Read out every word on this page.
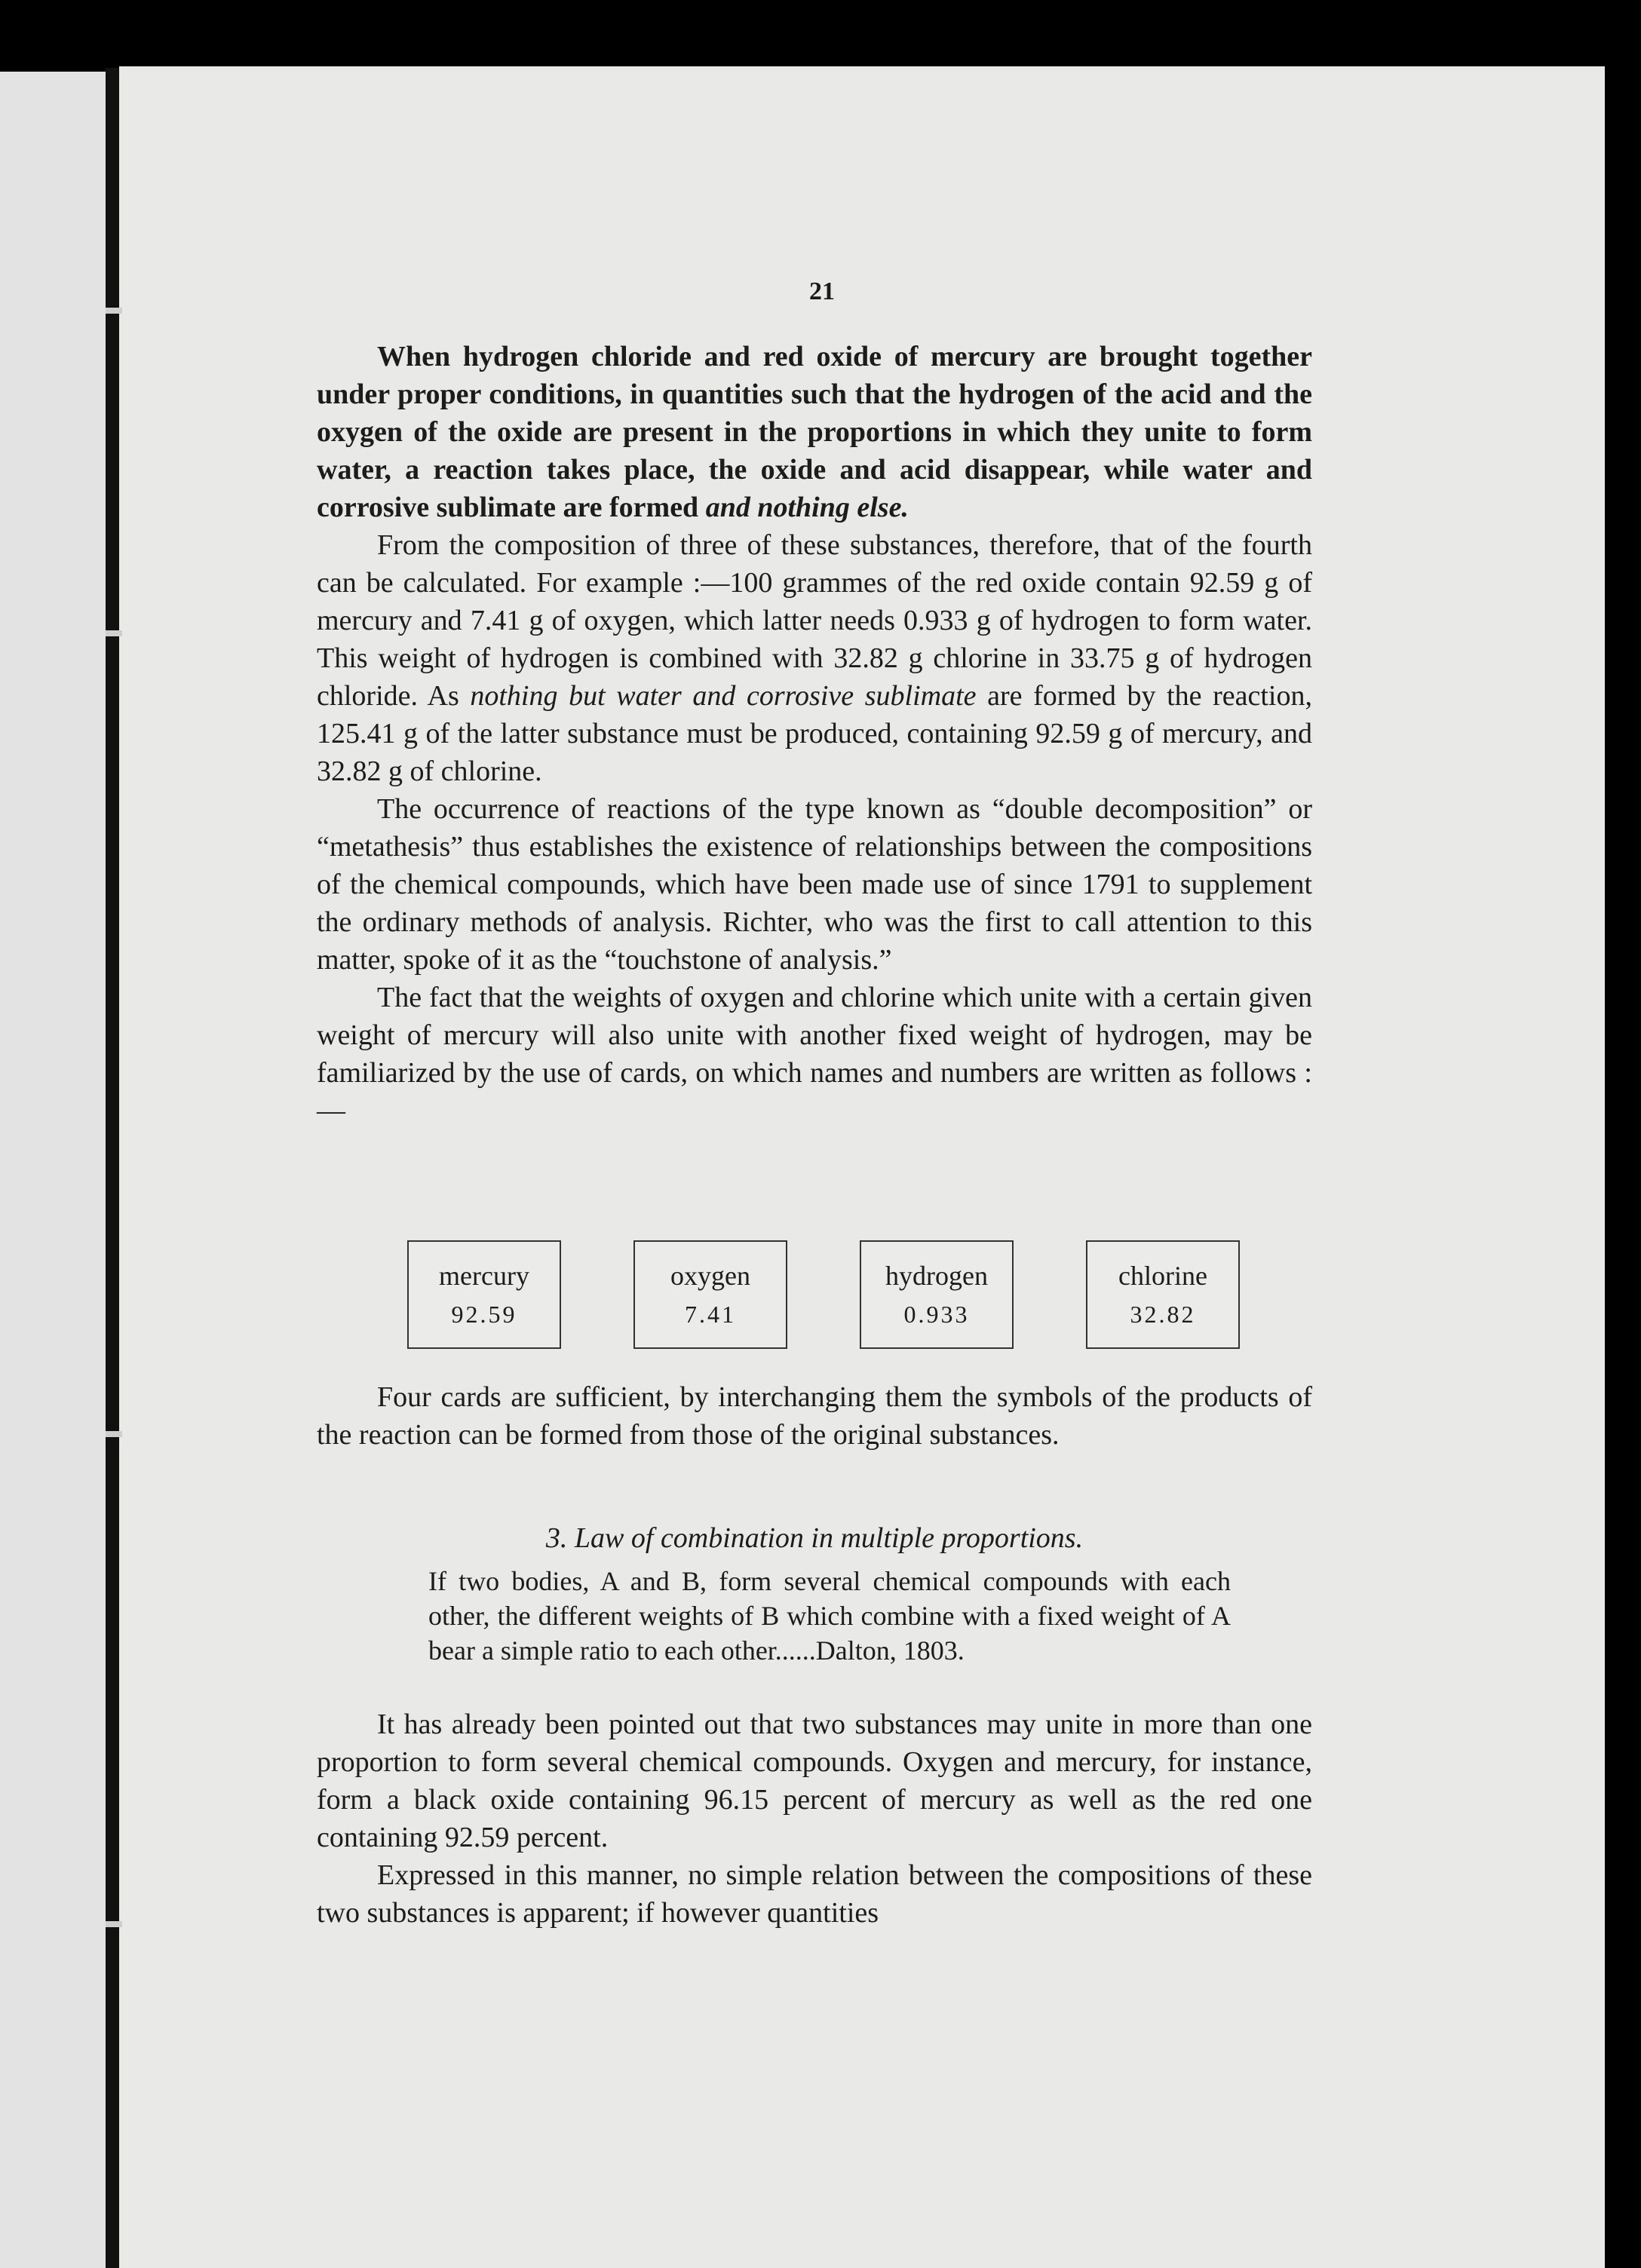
21

When hydrogen chloride and red oxide of mercury are brought together under proper conditions, in quantities such that the hydrogen of the acid and the oxygen of the oxide are present in the proportions in which they unite to form water, a reaction takes place, the oxide and acid disappear, while water and corrosive sublimate are formed and nothing else.

From the composition of three of these substances, therefore, that of the fourth can be calculated. For example :—100 grammes of the red oxide contain 92.59 g of mercury and 7.41 g of oxygen, which latter needs 0.933 g of hydrogen to form water. This weight of hydrogen is combined with 32.82 g chlorine in 33.75 g of hydrogen chloride. As nothing but water and corrosive sublimate are formed by the reaction, 125.41 g of the latter substance must be produced, containing 92.59 g of mercury, and 32.82 g of chlorine.

The occurrence of reactions of the type known as “double decomposition” or “metathesis” thus establishes the existence of relationships between the compositions of the chemical compounds, which have been made use of since 1791 to supplement the ordinary methods of analysis. Richter, who was the first to call attention to this matter, spoke of it as the “touchstone of analysis.”

The fact that the weights of oxygen and chlorine which unite with a certain given weight of mercury will also unite with another fixed weight of hydrogen, may be familiarized by the use of cards, on which names and numbers are written as follows :—

mercury
92.59
oxygen
7.41
hydrogen
0.933
chlorine
32.82

Four cards are sufficient, by interchanging them the symbols of the products of the reaction can be formed from those of the original substances.

3. Law of combination in multiple proportions.
If two bodies, A and B, form several chemical compounds with each other, the different weights of B which combine with a fixed weight of A bear a simple ratio to each other......Dalton, 1803.

It has already been pointed out that two substances may unite in more than one proportion to form several chemical compounds. Oxygen and mercury, for instance, form a black oxide containing 96.15 percent of mercury as well as the red one containing 92.59 percent.

Expressed in this manner, no simple relation between the compositions of these two substances is apparent; if however quantities
